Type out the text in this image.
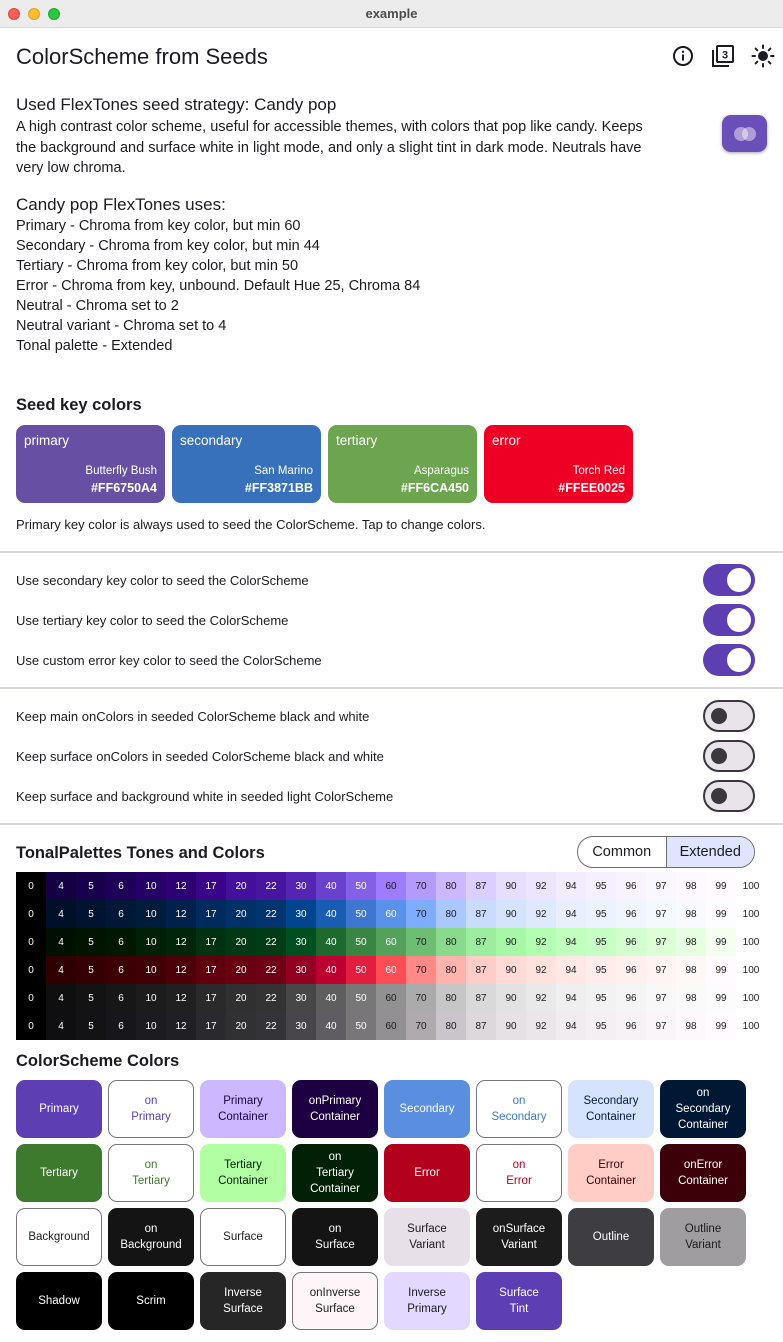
example
ColorScheme from Seeds	3
Used FlexTones seed strategy: Candy pop
A high contrast color scheme, useful for accessible themes, with colors that pop like candy. Keeps
the background and surface white in light mode, and only a slight tint in dark mode. Neutrals have
very low chroma.
Candy pop FlexTones uses:
Primary - Chroma from key color, but min 60
Secondary - Chroma from key color, but min 44
Tertiary - Chroma from key color, but min 50
Error - Chroma from key, unbound. Default Hue 25, Chroma 84
Neutral - Chroma set to 2
Neutral variant - Chroma set to 4
Tonal palette - Extended
Seed key colors
primary
Butterfly Bush
#FF6750A4
secondary
San Marino
#FF3871BB
tertiary
Asparagus
#FF6CA450
error
Torch Red
#FFEE0025
Primary key color is always used to seed the ColorScheme. Tap to change colors.
Use secondary key color to seed the ColorScheme
Use tertiary key color to seed the ColorScheme
Use custom error key color to seed the ColorScheme
Keep main onColors in seeded ColorScheme black and white
Keep surface onColors in seeded ColorScheme black and white
Keep surface and background white in seeded light ColorScheme
TonalPalettes Tones and Colors	Common	Extended
0	4	5	6	10	12	17	20	22	30	40	50	60	70	80	87	90	92	94	95	96	97	98	99	100
0	4	5	6	10	12	17	20	22	30	40	50	60	70	80	87	90	92	94	95	96	97	98	99	100
0	4	5	6	10	12	17	20	22	30	40	50	60	70	80	87	90	92	94	95	96	97	98	99	100
0	4	5	6	10	12	17	20	22	30	40	50	60	70	80	87	90	92	94	95	96	97	98	99	100
0	4	5	6	10	12	17	20	22	30	40	50	60	70	80	87	90	92	94	95	96	97	98	99	100
0	4	5	6	10	12	17	20	22	30	40	50	60	70	80	87	90	92	94	95	96	97	98	99	100
ColorScheme Colors
Primary
on
Primary
Primary
Container
onPrimary
Container
Secondary
on
Secondary
Secondary
Container
on
Secondary
Container
Tertiary
on
Tertiary
Tertiary
Container
on
Tertiary
Container
Error
on
Error
Error
Container
onError
Container
Background
on
Background
Surface
on
Surface
Surface
Variant
onSurface
Variant
Outline
Outline
Variant
Shadow	Scrim
Inverse
Surface
onInverse
Surface
Inverse
Primary
Surface
Tint
